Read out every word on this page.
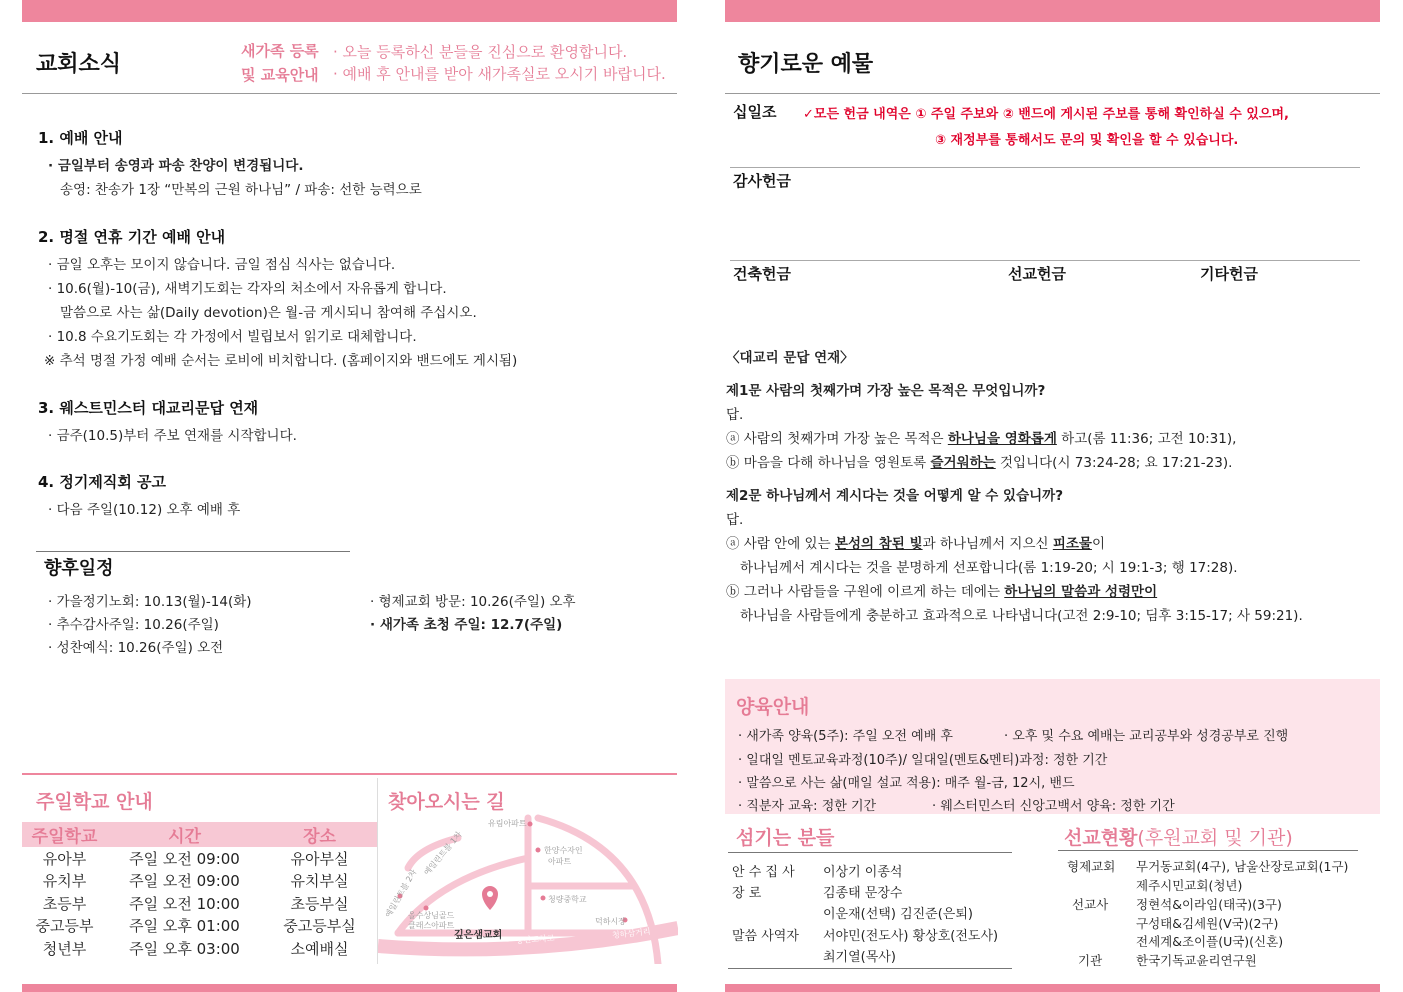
교회소식
새가족 등록
및 교육안내
· 오늘 등록하신 분들을 진심으로 환영합니다.
· 예배 후 안내를 받아 새가족실로 오시기 바랍니다.
1. 예배 안내
· 금일부터 송영과 파송 찬양이 변경됩니다.
송영: 찬송가 1장 “만복의 근원 하나님” / 파송: 선한 능력으로
2. 명절 연휴 기간 예배 안내
· 금일 오후는 모이지 않습니다. 금일 점심 식사는 없습니다.
· 10.6(월)-10(금), 새벽기도회는 각자의 처소에서 자유롭게 합니다.
말씀으로 사는 삶(Daily devotion)은 월-금 게시되니 참여해 주십시오.
· 10.8 수요기도회는 각 가정에서 빌립보서 읽기로 대체합니다.
※ 추석 명절 가정 예배 순서는 로비에 비치합니다. (홈페이지와 밴드에도 게시됨)
3. 웨스트민스터 대교리문답 연재
· 금주(10.5)부터 주보 연재를 시작합니다.
4. 정기제직회 공고
· 다음 주일(10.12) 오후 예배 후
향후일정
· 가을정기노회: 10.13(월)-14(화)
· 추수감사주일: 10.26(주일)
· 성찬예식: 10.26(주일) 오전
· 형제교회 방문: 10.26(주일) 오후
· 새가족 초청 주일: 12.7(주일)
주일학교 안내
주일학교	시간	장소
유아부	주일 오전 09:00	유아부실
유치부	주일 오전 09:00	유치부실
초등부	주일 오전 10:00	초등부실
중고등부	주일 오후 01:00	중고등부실
청년부	주일 오후 03:00	소예배실
찾아오시는 길
유림아파트
한양수자인
아파트
예일린트블 1차
예일린트블 2차	청량중학교
올수상님골드
클래스아파트	덕하시장
깊은샘교회 중간교차로	청하삼거리
향기로운 예물
십일조 ✓모든 헌금 내역은 ① 주일 주보와 ② 밴드에 게시된 주보를 통해 확인하실 수 있으며,
③ 재정부를 통해서도 문의 및 확인을 할 수 있습니다.
감사헌금
건축헌금	선교헌금	기타헌금
〈대교리 문답 연재〉
제1문 사람의 첫째가며 가장 높은 목적은 무엇입니까?
답.
ⓐ 사람의 첫째가며 가장 높은 목적은 하나님을 영화롭게 하고(롬 11:36; 고전 10:31),
ⓑ 마음을 다해 하나님을 영원토록 즐거워하는 것입니다(시 73:24-28; 요 17:21-23).
제2문 하나님께서 계시다는 것을 어떻게 알 수 있습니까?
답.
ⓐ 사람 안에 있는 본성의 참된 빛과 하나님께서 지으신 피조물이
하나님께서 계시다는 것을 분명하게 선포합니다(롬 1:19-20; 시 19:1-3; 행 17:28).
ⓑ 그러나 사람들을 구원에 이르게 하는 데에는 하나님의 말씀과 성령만이
하나님을 사람들에게 충분하고 효과적으로 나타냅니다(고전 2:9-10; 딤후 3:15-17; 사 59:21).
양육안내
· 새가족 양육(5주): 주일 오전 예배 후	· 오후 및 수요 예배는 교리공부와 성경공부로 진행
· 일대일 멘토교육과정(10주)/ 일대일(멘토&멘티)과정: 정한 기간
· 말씀으로 사는 삶(매일 설교 적용): 매주 월-금, 12시, 밴드
· 직분자 교육: 정한 기간	· 웨스터민스터 신앙고백서 양육: 정한 기간
섬기는 분들
안 수 집 사 이상기 이종석
장 로	김종태 문장수
이운재(선택) 김진준(은퇴)
말씀 사역자 서야민(전도사) 황상호(전도사)
최기열(목사)
선교현황(후원교회 및 기관)
형제교회 무거동교회(4구), 남울산장로교회(1구)
제주시민교회(청년)
선교사 정현석&이라임(태국)(3구)
구성태&김세원(V국)(2구)
전세계&조이플(U국)(신혼)
기관	한국기독교윤리연구원
